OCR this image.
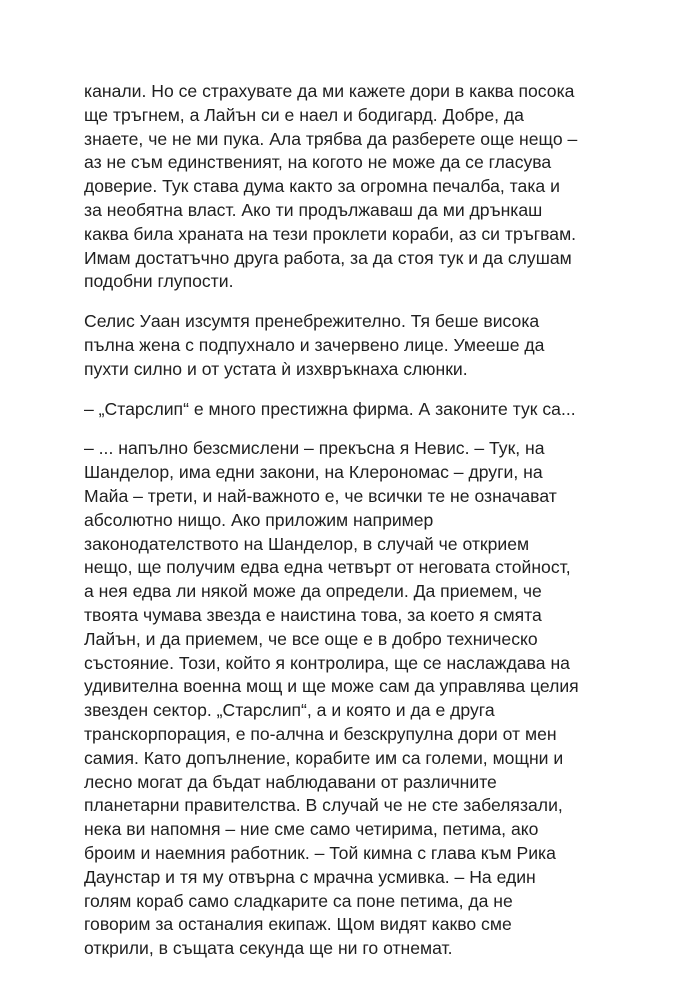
канали. Но се страхувате да ми кажете дори в каква посока
ще тръгнем, а Лайън си е наел и бодигард. Добре, да
знаете, че не ми пука. Ала трябва да разберете още нещо –
аз не съм единственият, на когото не може да се гласува
доверие. Тук става дума както за огромна печалба, така и
за необятна власт. Ако ти продължаваш да ми дрънкаш
каква била храната на тези проклети кораби, аз си тръгвам.
Имам достатъчно друга работа, за да стоя тук и да слушам
подобни глупости.

Селис Уаан изсумтя пренебрежително. Тя беше висока
пълна жена с подпухнало и зачервено лице. Умееше да
пухти силно и от устата ѝ изхвръкнаха слюнки.

– „Старслип“ е много престижна фирма. А законите тук са...

– ... напълно безсмислени – прекъсна я Невис. – Тук, на
Шанделор, има едни закони, на Клерономас – други, на
Майа – трети, и най-важното е, че всички те не означават
абсолютно нищо. Ако приложим например
законодателството на Шанделор, в случай че открием
нещо, ще получим едва една четвърт от неговата стойност,
а нея едва ли някой може да определи. Да приемем, че
твоята чумава звезда е наистина това, за което я смята
Лайън, и да приемем, че все още е в добро техническо
състояние. Този, който я контролира, ще се наслаждава на
удивителна военна мощ и ще може сам да управлява целия
звезден сектор. „Старслип“, а и която и да е друга
транскорпорация, е по-алчна и безскрупулна дори от мен
самия. Като допълнение, корабите им са големи, мощни и
лесно могат да бъдат наблюдавани от различните
планетарни правителства. В случай че не сте забелязали,
нека ви напомня – ние сме само четирима, петима, ако
броим и наемния работник. – Той кимна с глава към Рика
Даунстар и тя му отвърна с мрачна усмивка. – На един
голям кораб само сладкарите са поне петима, да не
говорим за останалия екипаж. Щом видят какво сме
открили, в същата секунда ще ни го отнемат.
